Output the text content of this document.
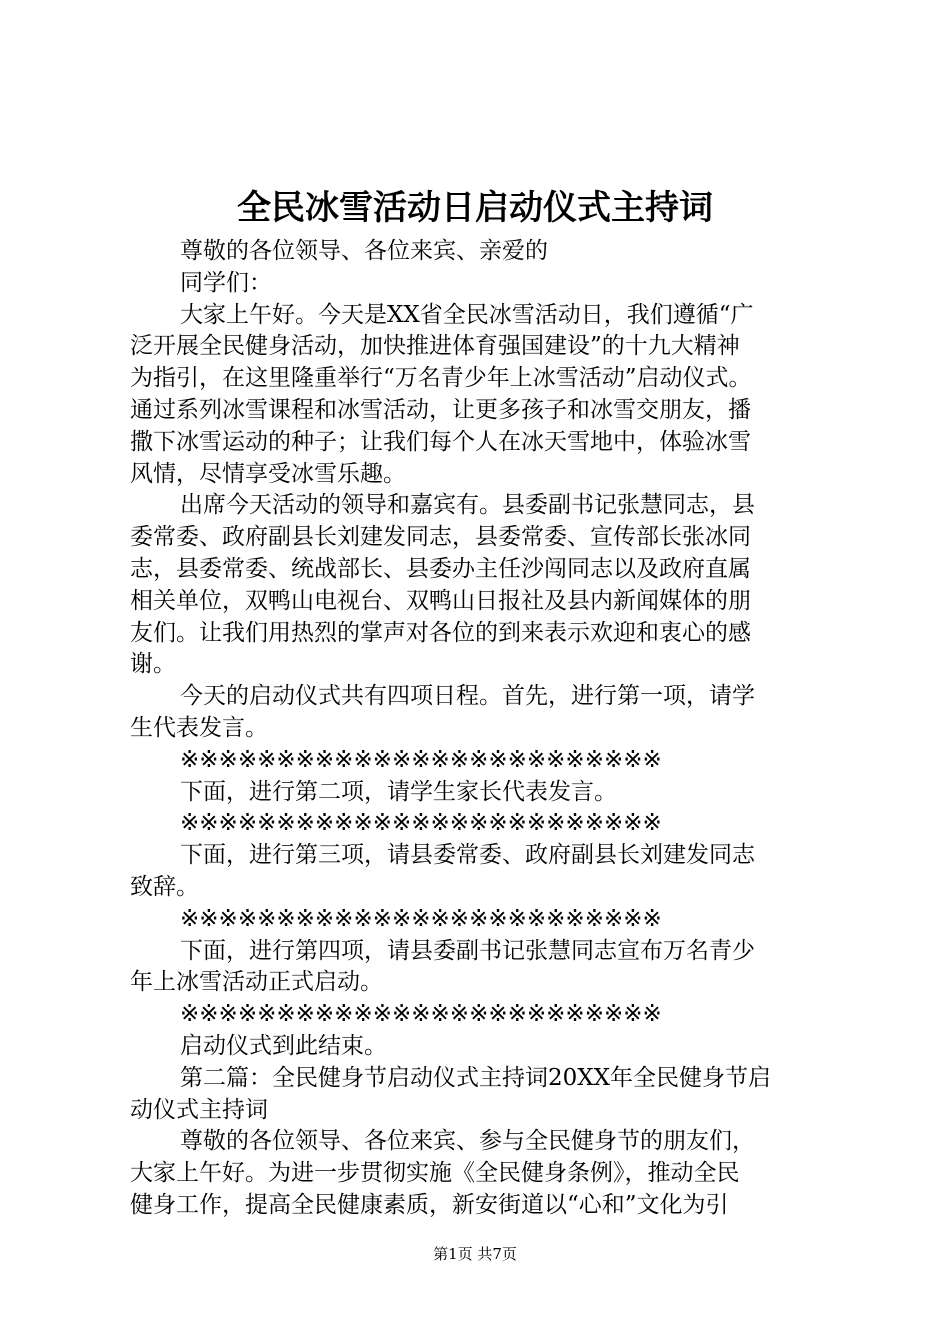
全民冰雪活动日启动仪式主持词
尊敬的各位领导、各位来宾、亲爱的
同学们：
大家上午好。今天是XX省全民冰雪活动日，我们遵循“广
泛开展全民健身活动，加快推进体育强国建设”的十九大精神
为指引，在这里隆重举行“万名青少年上冰雪活动”启动仪式。
通过系列冰雪课程和冰雪活动，让更多孩子和冰雪交朋友，播
撒下冰雪运动的种子；让我们每个人在冰天雪地中，体验冰雪
风情，尽情享受冰雪乐趣。
出席今天活动的领导和嘉宾有。县委副书记张慧同志，县
委常委、政府副县长刘建发同志，县委常委、宣传部长张冰同
志，县委常委、统战部长、县委办主任沙闯同志以及政府直属
相关单位，双鸭山电视台、双鸭山日报社及县内新闻媒体的朋
友们。让我们用热烈的掌声对各位的到来表示欢迎和衷心的感
谢。
今天的启动仪式共有四项日程。首先，进行第一项，请学
生代表发言。
※※※※※※※※※※※※※※※※※※※※※※※※※
下面，进行第二项，请学生家长代表发言。
※※※※※※※※※※※※※※※※※※※※※※※※※
下面，进行第三项，请县委常委、政府副县长刘建发同志
致辞。
※※※※※※※※※※※※※※※※※※※※※※※※※
下面，进行第四项，请县委副书记张慧同志宣布万名青少
年上冰雪活动正式启动。
※※※※※※※※※※※※※※※※※※※※※※※※※
启动仪式到此结束。
第二篇：全民健身节启动仪式主持词20XX年全民健身节启
动仪式主持词
尊敬的各位领导、各位来宾、参与全民健身节的朋友们，
大家上午好。为进一步贯彻实施《全民健身条例》，推动全民
健身工作，提高全民健康素质，新安街道以“心和”文化为引
第1页 共7页
